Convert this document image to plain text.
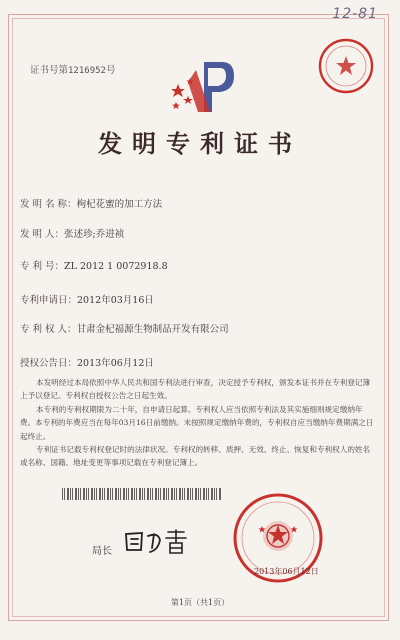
12-81
证书号第1216952号
发明专利证书
发 明 名 称：枸杞花蜜的加工方法
发 明 人：张述珍;乔进祯
专 利 号：ZL 2012 1 0072918.8
专利申请日：2012年03月16日
专 利 权 人：甘肃金杞福源生物制品开发有限公司
授权公告日：2013年06月12日

本发明经过本局依照中华人民共和国专利法进行审查，决定授予专利权，颁发本证书并在专利登记簿上予以登记。专利权自授权公告之日起生效。

本专利的专利权期限为二十年，自申请日起算。专利权人应当依照专利法及其实施细则规定缴纳年费。本专利的年费应当在每年03月16日前缴纳。未按照规定缴纳年费的，专利权自应当缴纳年费期满之日起终止。

专利证书记载专利权登记时的法律状况。专利权的转移、质押、无效、终止、恢复和专利权人的姓名或名称、国籍、地址变更等事项记载在专利登记簿上。

局长
2013年06月12日
第1页（共1页）
